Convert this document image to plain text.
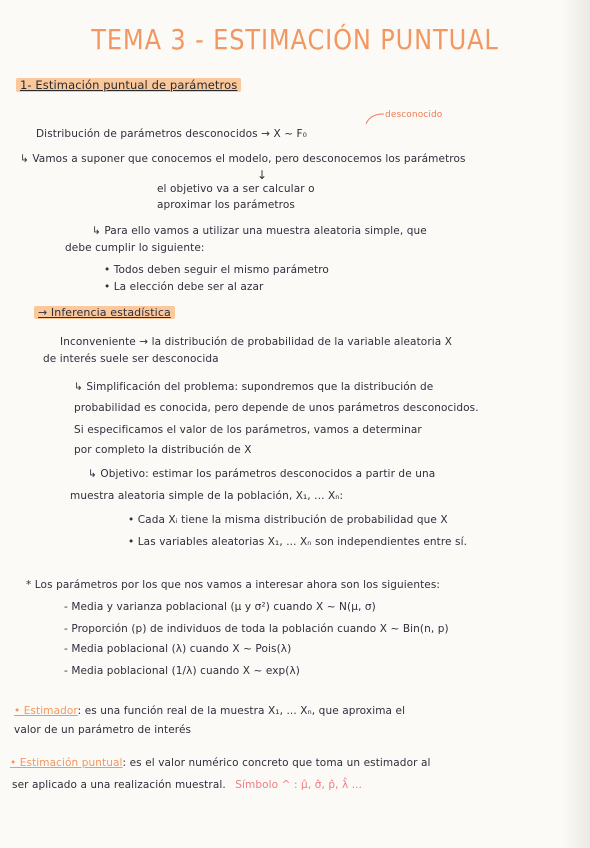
TEMA 3 - ESTIMACIÓN PUNTUAL
1- Estimación puntual de parámetros
desconocido
Distribución de parámetros desconocidos → X ~ F₀
↳ Vamos a suponer que conocemos el modelo, pero desconocemos los parámetros
↓
el objetivo va a ser calcular o
aproximar los parámetros
↳ Para ello vamos a utilizar una muestra aleatoria simple, que
debe cumplir lo siguiente:
• Todos deben seguir el mismo parámetro
• La elección debe ser al azar
→ Inferencia estadística
Inconveniente → la distribución de probabilidad de la variable aleatoria X
de interés suele ser desconocida
↳ Simplificación del problema: supondremos que la distribución de
probabilidad es conocida, pero depende de unos parámetros desconocidos.
Si especificamos el valor de los parámetros, vamos a determinar
por completo la distribución de X
↳ Objetivo: estimar los parámetros desconocidos a partir de una
muestra aleatoria simple de la población, X₁, ... Xₙ:
• Cada Xᵢ tiene la misma distribución de probabilidad que X
• Las variables aleatorias X₁, ... Xₙ son independientes entre sí.
* Los parámetros por los que nos vamos a interesar ahora son los siguientes:
- Media y varianza poblacional (μ y σ²) cuando X ~ N(μ, σ)
- Proporción (p) de individuos de toda la población cuando X ~ Bin(n, p)
- Media poblacional (λ) cuando X ~ Pois(λ)
- Media poblacional (1/λ) cuando X ~ exp(λ)
• Estimador: es una función real de la muestra X₁, ... Xₙ, que aproxima el
valor de un parámetro de interés
• Estimación puntual: es el valor numérico concreto que toma un estimador al
ser aplicado a una realización muestral. Símbolo ^ : μ̂, σ̂, p̂, λ̂ ...
